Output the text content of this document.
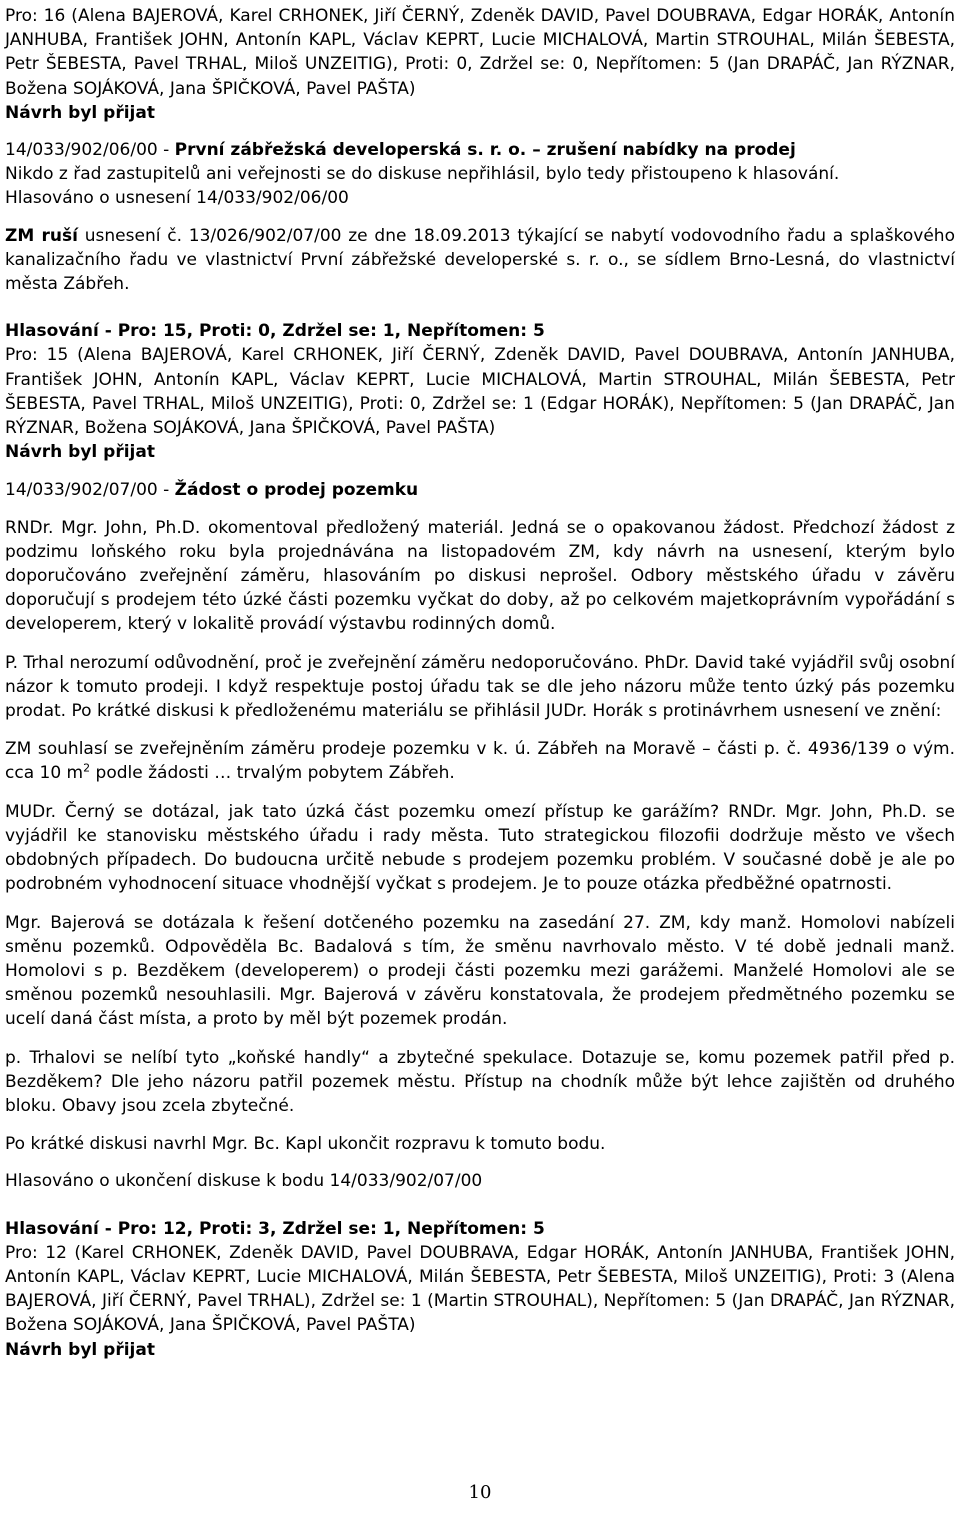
Pro: 16 (Alena BAJEROVÁ, Karel CRHONEK, Jiří ČERNÝ, Zdeněk DAVID, Pavel DOUBRAVA, Edgar HORÁK, Antonín JANHUBA, František JOHN, Antonín KAPL, Václav KEPRT, Lucie MICHALOVÁ, Martin STROUHAL, Milán ŠEBESTA, Petr ŠEBESTA, Pavel TRHAL, Miloš UNZEITIG), Proti: 0, Zdržel se: 0, Nepřítomen: 5 (Jan DRAPÁČ, Jan RÝZNAR, Božena SOJÁKOVÁ, Jana ŠPIČKOVÁ, Pavel PAŠTA)

Návrh byl přijat

14/033/902/06/00 - První zábřežská developerská s. r. o. – zrušení nabídky na prodej

Nikdo z řad zastupitelů ani veřejnosti se do diskuse nepřihlásil, bylo tedy přistoupeno k hlasování.

Hlasováno o usnesení 14/033/902/06/00

ZM ruší usnesení č. 13/026/902/07/00 ze dne 18.09.2013 týkající se nabytí vodovodního řadu a splaškového kanalizačního řadu ve vlastnictví První zábřežské developerské s. r. o., se sídlem Brno-Lesná, do vlastnictví města Zábřeh.

Hlasování - Pro: 15, Proti: 0, Zdržel se: 1, Nepřítomen: 5

Pro: 15 (Alena BAJEROVÁ, Karel CRHONEK, Jiří ČERNÝ, Zdeněk DAVID, Pavel DOUBRAVA, Antonín JANHUBA, František JOHN, Antonín KAPL, Václav KEPRT, Lucie MICHALOVÁ, Martin STROUHAL, Milán ŠEBESTA, Petr ŠEBESTA, Pavel TRHAL, Miloš UNZEITIG), Proti: 0, Zdržel se: 1 (Edgar HORÁK), Nepřítomen: 5 (Jan DRAPÁČ, Jan RÝZNAR, Božena SOJÁKOVÁ, Jana ŠPIČKOVÁ, Pavel PAŠTA)

Návrh byl přijat

14/033/902/07/00 - Žádost o prodej pozemku

RNDr. Mgr. John, Ph.D. okomentoval předložený materiál. Jedná se o opakovanou žádost. Předchozí žádost z podzimu loňského roku byla projednávána na listopadovém ZM, kdy návrh na usnesení, kterým bylo doporučováno zveřejnění záměru, hlasováním po diskusi neprošel. Odbory městského úřadu v závěru doporučují s prodejem této úzké části pozemku vyčkat do doby, až po celkovém majetkoprávním vypořádání s developerem, který v lokalitě provádí výstavbu rodinných domů.

P. Trhal nerozumí odůvodnění, proč je zveřejnění záměru nedoporučováno. PhDr. David také vyjádřil svůj osobní názor k tomuto prodeji. I když respektuje postoj úřadu tak se dle jeho názoru může tento úzký pás pozemku prodat. Po krátké diskusi k předloženému materiálu se přihlásil JUDr. Horák s protinávrhem usnesení ve znění:

ZM souhlasí se zveřejněním záměru prodeje pozemku v k. ú. Zábřeh na Moravě – části p. č. 4936/139 o vým. cca 10 $m^2$ podle žádosti … trvalým pobytem Zábřeh.

MUDr. Černý se dotázal, jak tato úzká část pozemku omezí přístup ke garážím? RNDr. Mgr. John, Ph.D. se vyjádřil ke stanovisku městského úřadu i rady města. Tuto strategickou filozofii dodržuje město ve všech obdobných případech. Do budoucna určitě nebude s prodejem pozemku problém. V současné době je ale po podrobném vyhodnocení situace vhodnější vyčkat s prodejem. Je to pouze otázka předběžné opatrnosti.

Mgr. Bajerová se dotázala k řešení dotčeného pozemku na zasedání 27. ZM, kdy manž. Homolovi nabízeli směnu pozemků. Odpověděla Bc. Badalová s tím, že směnu navrhovalo město. V té době jednali manž. Homolovi s p. Bezděkem (developerem) o prodeji části pozemku mezi garážemi. Manželé Homolovi ale se směnou pozemků nesouhlasili. Mgr. Bajerová v závěru konstatovala, že prodejem předmětného pozemku se ucelí daná část místa, a proto by měl být pozemek prodán.

p. Trhalovi se nelíbí tyto „koňské handly“ a zbytečné spekulace. Dotazuje se, komu pozemek patřil před p. Bezděkem? Dle jeho názoru patřil pozemek městu. Přístup na chodník může být lehce zajištěn od druhého bloku. Obavy jsou zcela zbytečné.

Po krátké diskusi navrhl Mgr. Bc. Kapl ukončit rozpravu k tomuto bodu.

Hlasováno o ukončení diskuse k bodu 14/033/902/07/00

Hlasování - Pro: 12, Proti: 3, Zdržel se: 1, Nepřítomen: 5

Pro: 12 (Karel CRHONEK, Zdeněk DAVID, Pavel DOUBRAVA, Edgar HORÁK, Antonín JANHUBA, František JOHN, Antonín KAPL, Václav KEPRT, Lucie MICHALOVÁ, Milán ŠEBESTA, Petr ŠEBESTA, Miloš UNZEITIG), Proti: 3 (Alena BAJEROVÁ, Jiří ČERNÝ, Pavel TRHAL), Zdržel se: 1 (Martin STROUHAL), Nepřítomen: 5 (Jan DRAPÁČ, Jan RÝZNAR, Božena SOJÁKOVÁ, Jana ŠPIČKOVÁ, Pavel PAŠTA)

Návrh byl přijat

10
